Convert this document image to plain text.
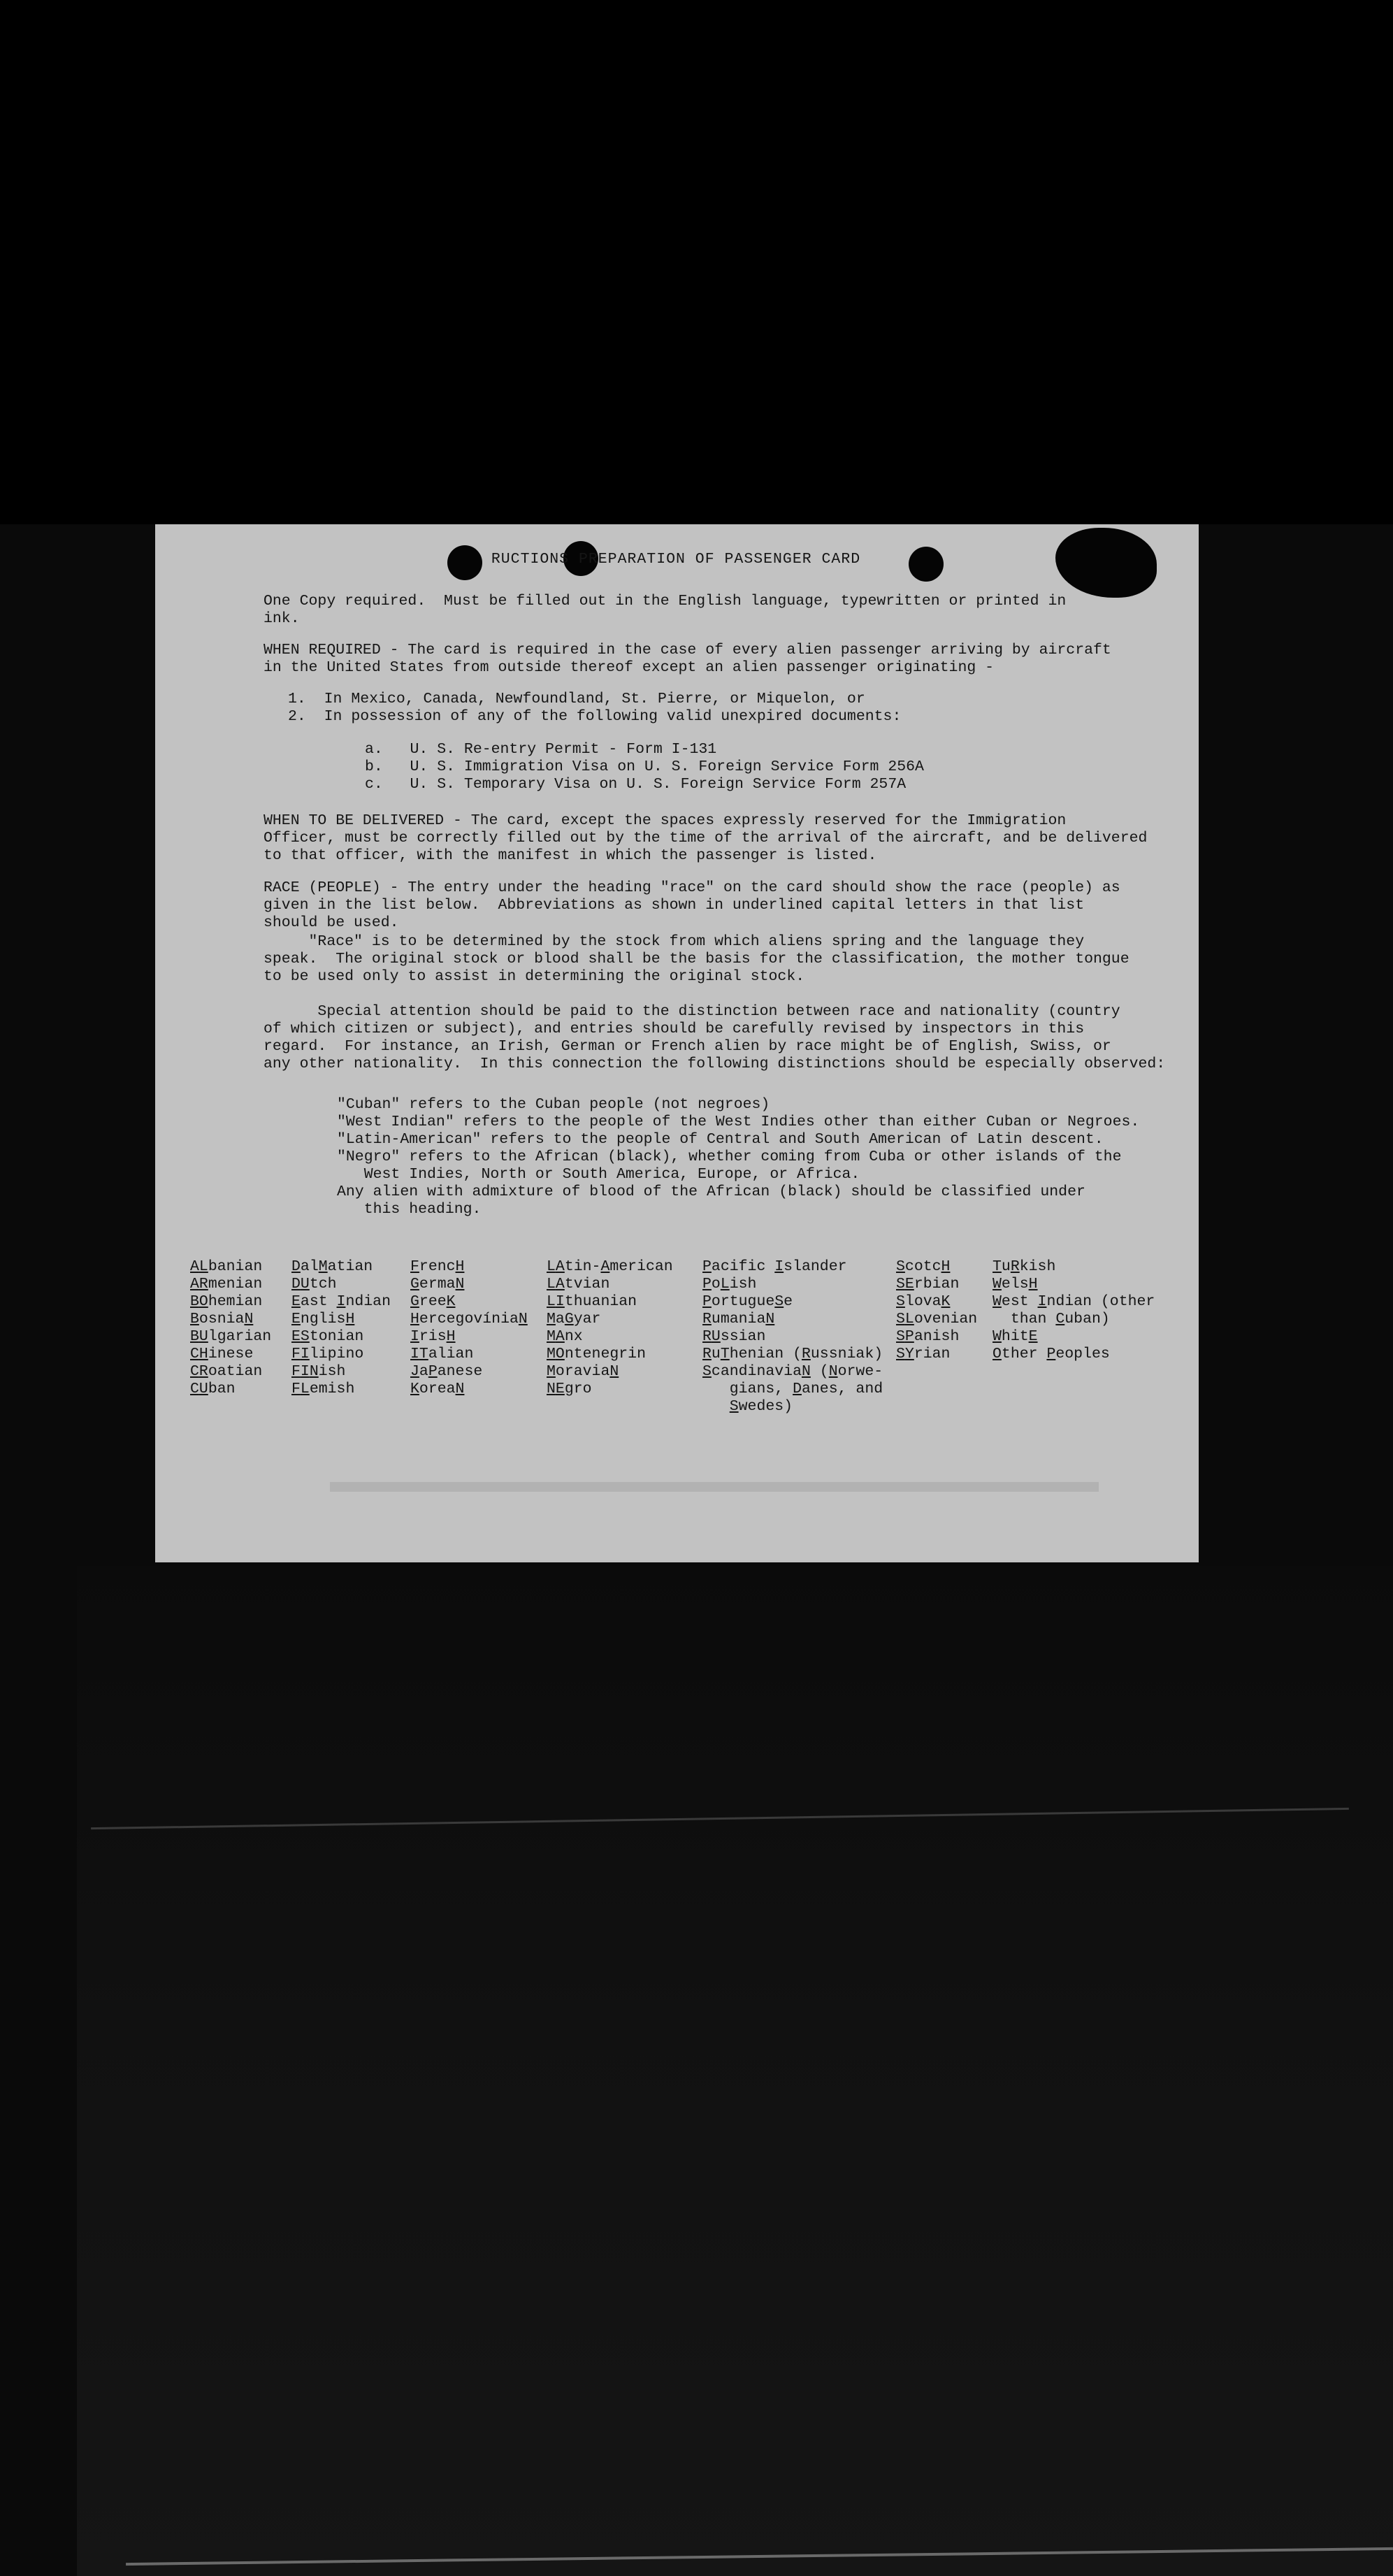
RUCTIONS PREPARATION OF PASSENGER CARD

One Copy required.  Must be filled out in the English language, typewritten or printed in
ink.

WHEN REQUIRED - The card is required in the case of every alien passenger arriving by aircraft
in the United States from outside thereof except an alien passenger originating -

1.  In Mexico, Canada, Newfoundland, St. Pierre, or Miquelon, or

2.  In possession of any of the following valid unexpired documents:

a.   U. S. Re-entry Permit - Form I-131

b.   U. S. Immigration Visa on U. S. Foreign Service Form 256A

c.   U. S. Temporary Visa on U. S. Foreign Service Form 257A

WHEN TO BE DELIVERED - The card, except the spaces expressly reserved for the Immigration
Officer, must be correctly filled out by the time of the arrival of the aircraft, and be delivered
to that officer, with the manifest in which the passenger is listed.

RACE (PEOPLE) - The entry under the heading "race" on the card should show the race (people) as
given in the list below.  Abbreviations as shown in underlined capital letters in that list
should be used.

"Race" is to be determined by the stock from which aliens spring and the language they
speak.  The original stock or blood shall be the basis for the classification, the mother tongue
to be used only to assist in determining the original stock.

Special attention should be paid to the distinction between race and nationality (country
of which citizen or subject), and entries should be carefully revised by inspectors in this
regard.  For instance, an Irish, German or French alien by race might be of English, Swiss, or
any other nationality.  In this connection the following distinctions should be especially observed:

"Cuban" refers to the Cuban people (not negroes)
"West Indian" refers to the people of the West Indies other than either Cuban or Negroes.
"Latin-American" refers to the people of Central and South American of Latin descent.
"Negro" refers to the African (black), whether coming from Cuba or other islands of the
West Indies, North or South America, Europe, or Africa.
Any alien with admixture of blood of the African (black) should be classified under
this heading.

ALbanian
ARmenian
BOhemian
BosniaN
BUlgarian
CHinese
CRoatian
CUban
DalMatian
DUtch
East Indian
EnglisH
EStonian
FIlipino
FINish
FLemish
FrencH
GermaN
GreeK
HercegovíniaN
IrisH
ITalian
JaPanese
KoreaN
LAtin-American
LAtvian
LIthuanian
MaGyar
MAnx
MOntenegrin
MoraviaN
NEgro
Pacific Islander
PoLish
PortugueSe
RumaniaN
RUssian
RuThenian (Russniak)
ScandinaviaN (Norwe-
gians, Danes, and
Swedes)
ScotcH
SErbian
SlovaK
SLovenian
SPanish
SYrian
TuRkish
WelsH
West Indian (other
than Cuban)
WhitE
Other Peoples
